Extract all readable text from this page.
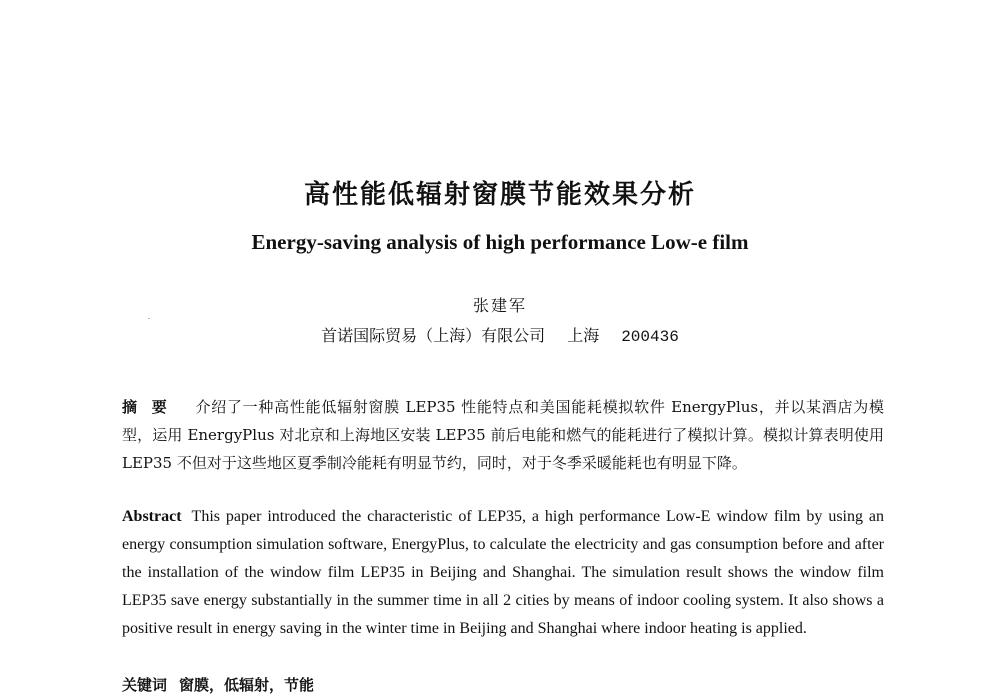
高性能低辐射窗膜节能效果分析
Energy-saving analysis of high performance Low-e film
张建军
首诺国际贸易（上海）有限公司 上海 200436
摘要 介绍了一种高性能低辐射窗膜 LEP35 性能特点和美国能耗模拟软件 EnergyPlus，并以某酒店为模型，运用 EnergyPlus 对北京和上海地区安装 LEP35 前后电能和燃气的能耗进行了模拟计算。模拟计算表明使用 LEP35 不但对于这些地区夏季制冷能耗有明显节约，同时，对于冬季采暖能耗也有明显下降。
Abstract This paper introduced the characteristic of LEP35, a high performance Low-E window film by using an energy consumption simulation software, EnergyPlus, to calculate the electricity and gas consumption before and after the installation of the window film LEP35 in Beijing and Shanghai. The simulation result shows the window film LEP35 save energy substantially in the summer time in all 2 cities by means of indoor cooling system. It also shows a positive result in energy saving in the winter time in Beijing and Shanghai where indoor heating is applied.
关键词 窗膜，低辐射，节能
